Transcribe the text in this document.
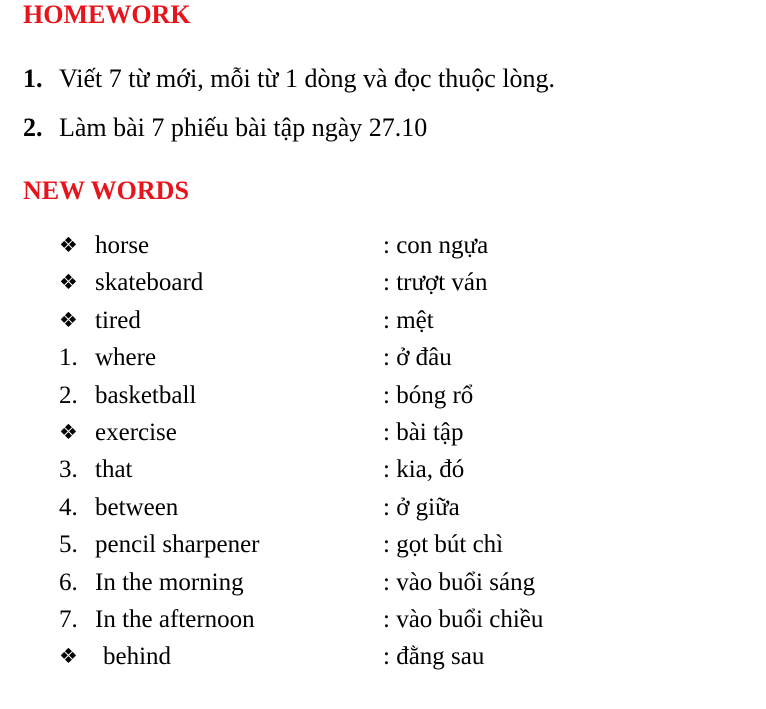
HOMEWORK
1. Viết 7 từ mới, mỗi từ 1 dòng và đọc thuộc lòng.
2. Làm bài 7 phiếu bài tập ngày 27.10
NEW WORDS
❖ horse	: con ngựa
❖ skateboard	: trượt ván
❖ tired	: mệt
1. where	: ở đâu
2. basketball	: bóng rổ
❖ exercise	: bài tập
3. that	: kia, đó
4. between	: ở giữa
5. pencil sharpener	: gọt bút chì
6. In the morning	: vào buổi sáng
7. In the afternoon	: vào buổi chiều
❖	behind	: đằng sau
